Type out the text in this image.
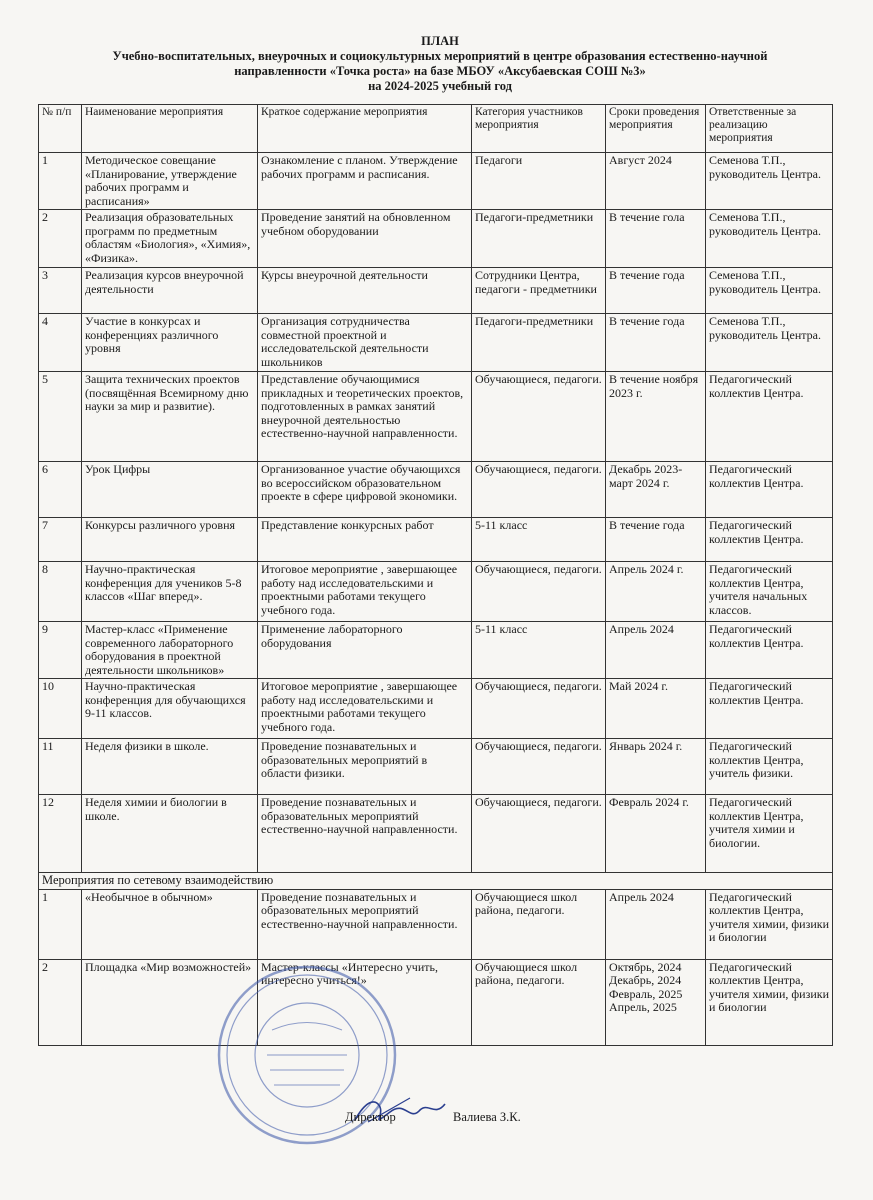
ПЛАН
Учебно-воспитательных, внеурочных и социокультурных мероприятий в центре образования естественно-научной
направленности «Точка роста» на базе МБОУ «Аксубаевская СОШ №3»
на 2024-2025 учебный год
№ п/п	Наименование мероприятия	Краткое содержание мероприятия	Категория участников мероприятия	Сроки проведения мероприятия	Ответственные за реализацию мероприятия
1	Методическое совещание «Планирование, утверждение рабочих программ и расписания»	Ознакомление с планом. Утверждение рабочих программ и расписания.	Педагоги	Август 2024	Семенова Т.П., руководитель Центра.
2	Реализация образовательных программ по предметным областям «Биология», «Химия», «Физика».	Проведение занятий на обновленном учебном оборудовании	Педагоги-предметники	В течение гола	Семенова Т.П., руководитель Центра.
3	Реализация курсов внеурочной деятельности	Курсы внеурочной деятельности	Сотрудники Центра, педагоги - предметники	В течение года	Семенова Т.П., руководитель Центра.
4	Участие в конкурсах и конференциях различного уровня	Организация сотрудничества совместной проектной и исследовательской деятельности школьников	Педагоги-предметники	В течение года	Семенова Т.П., руководитель Центра.
5	Защита технических проектов (посвящённая Всемирному дню науки за мир и развитие).	Представление обучающимися прикладных и теоретических проектов, подготовленных в рамках занятий внеурочной деятельностью естественно-научной направленности.	Обучающиеся, педагоги.	В течение ноября 2023 г.	Педагогический коллектив Центра.
6	Урок Цифры	Организованное участие обучающихся во всероссийском образовательном проекте в сфере цифровой экономики.	Обучающиеся, педагоги.	Декабрь 2023-март 2024 г.	Педагогический коллектив Центра.
7	Конкурсы различного уровня	Представление конкурсных работ	5-11 класс	В течение года	Педагогический коллектив Центра.
8	Научно-практическая конференция для учеников 5-8 классов «Шаг вперед».	Итоговое мероприятие , завершающее работу над исследовательскими и проектными работами текущего учебного года.	Обучающиеся, педагоги.	Апрель 2024 г.	Педагогический коллектив Центра, учителя начальных классов.
9	Мастер-класс «Применение современного лабораторного оборудования в проектной деятельности школьников»	Применение лабораторного оборудования	5-11 класс	Апрель 2024	Педагогический коллектив Центра.
10	Научно-практическая конференция для обучающихся 9-11 классов.	Итоговое мероприятие , завершающее работу над исследовательскими и проектными работами текущего учебного года.	Обучающиеся, педагоги.	Май 2024 г.	Педагогический коллектив Центра.
11	Неделя физики в школе.	Проведение познавательных и образовательных мероприятий в области физики.	Обучающиеся, педагоги.	Январь 2024 г.	Педагогический коллектив Центра, учитель физики.
12	Неделя химии и биологии в школе.	Проведение познавательных и образовательных мероприятий естественно-научной направленности.	Обучающиеся, педагоги.	Февраль 2024 г.	Педагогический коллектив Центра, учителя химии и биологии.
Мероприятия по сетевому взаимодействию					
1	«Необычное в обычном»	Проведение познавательных и образовательных мероприятий естественно-научной направленности.	Обучающиеся школ района, педагоги.	Апрель 2024	Педагогический коллектив Центра, учителя химии, физики и биологии
2	Площадка «Мир возможностей»	Мастер-классы «Интересно учить, интересно учиться!»	Обучающиеся школ района, педагоги.	Октябрь, 2024 Декабрь, 2024 Февраль, 2025 Апрель, 2025	Педагогический коллектив Центра, учителя химии, физики и биологии
Директор	Валиева З.К.
